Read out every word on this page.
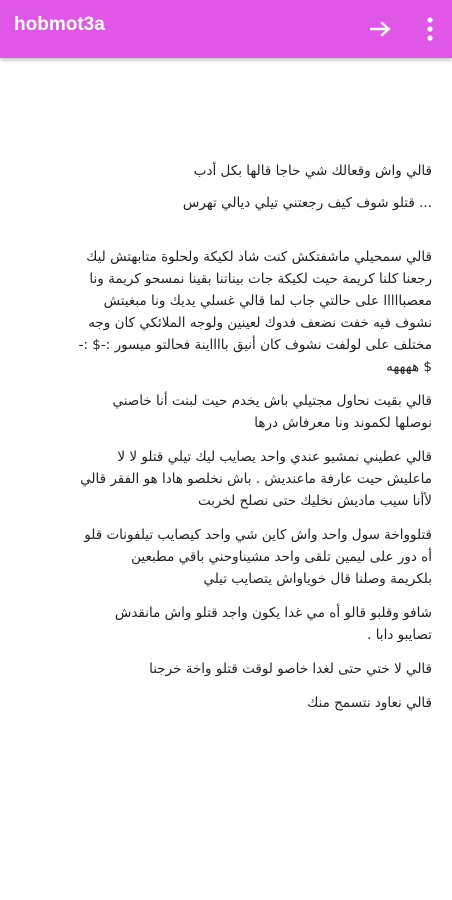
hobmot3a

قالي واش وقعالك شي حاجا قالها بكل أدب

... قتلو شوف كيف رجعتني تيلي ديالي تهرس

قالي سمحيلي ماشفتكش كنت شاد لكيكة ولحلوة متابهتش ليك
رجعنا كلنا كريمة حيت لكيكة جات بيناتنا بقينا نمسحو كريمة ونا
معصبااااا على حالتي جاب لما قالي غسلي يديك ونا مبغيتش
نشوف فيه خفت نضعف فدوك لعينين ولوجه الملائكي كان وجه
مختلف على لولفت نشوف كان أنيق بااااينة فحالتو ميسور :-$ :-
$ ههههه

قالي بقيت نحاول مجتيلي باش يخدم حيت لبنت أنا خاصني
نوصلها لكموند ونا معرفاش درها

قالي عطيني نمشيو عندي واحد يصايب ليك تيلي قتلو لا لا
ماعليش حيت عارفة ماعنديش . باش نخلصو هادا هو الفقر قالي
لأأنا سيب ماديش نخليك حتى نصلح لخربت

قتلوواخة سول واحد واش كاين شي واحد كيصايب تيلفونات قلو
أه دور على ليمين تلقى واحد مشيناوحني باقي مطبعين
بلكريمة وصلنا قال خوياواش يتصايب تيلي

شافو وقلبو قالو أه مي غدا يكون واجد قتلو واش مانقدش
تصايبو دابا .

قالي لا ختي حتى لغدا خاصو لوقت قتلو واخة خرجنا

قالي نعاود نتسمح منك
